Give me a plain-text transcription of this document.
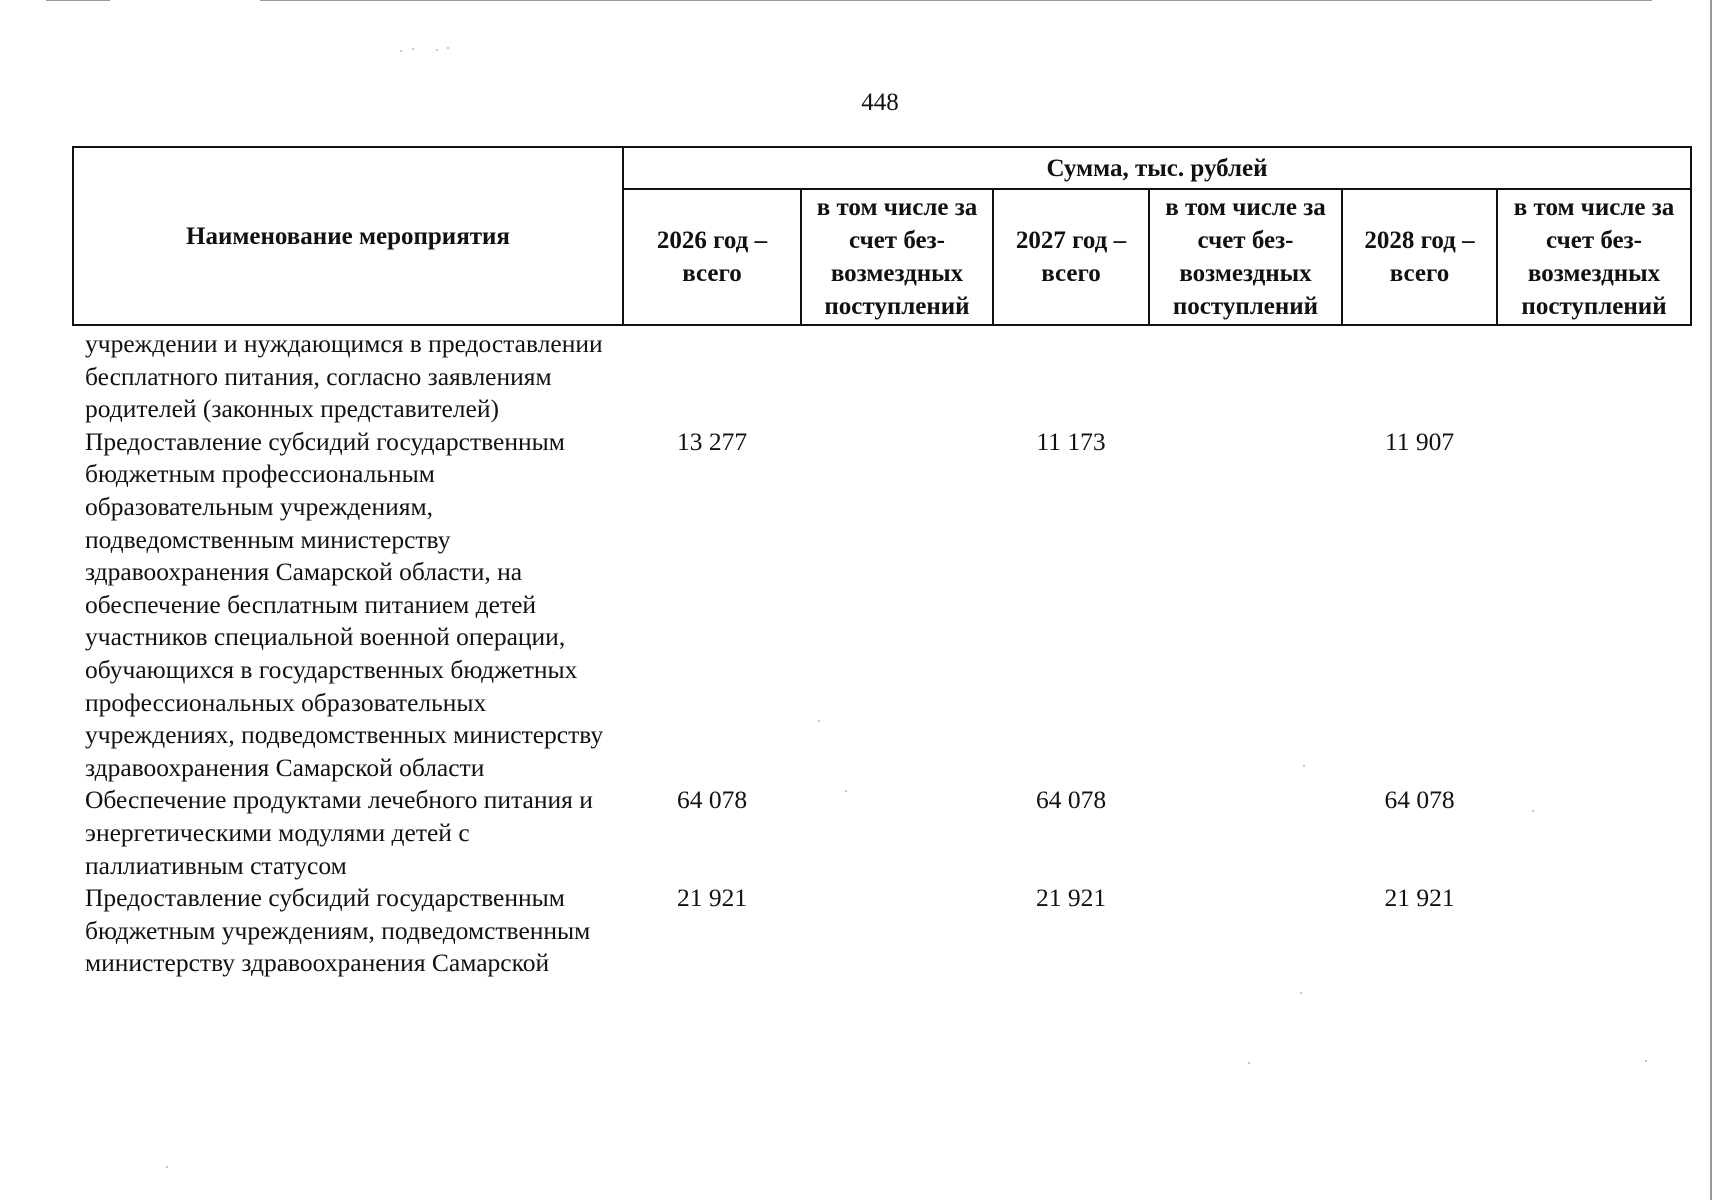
448
Наименование мероприятия	Сумма, тыс. рублей					
	2026 год – всего	в том числе за счет без-возмездных поступлений	2027 год – всего	в том числе за счет без-возмездных поступлений	2028 год – всего	в том числе за счет без-возмездных поступлений
учреждении и нуждающимся в предоставлении бесплатного питания, согласно заявлениям родителей (законных представителей)						
Предоставление субсидий государственным бюджетным профессиональным образовательным учреждениям, подведомственным министерству здравоохранения Самарской области, на обеспечение бесплатным питанием детей участников специальной военной операции, обучающихся в государственных бюджетных профессиональных образовательных учреждениях, подведомственных министерству здравоохранения Самарской области	13 277		11 173		11 907	
Обеспечение продуктами лечебного питания и энергетическими модулями детей с паллиативным статусом	64 078		64 078		64 078	
Предоставление субсидий государственным бюджетным учреждениям, подведомственным министерству здравоохранения Самарской	21 921		21 921		21 921	
